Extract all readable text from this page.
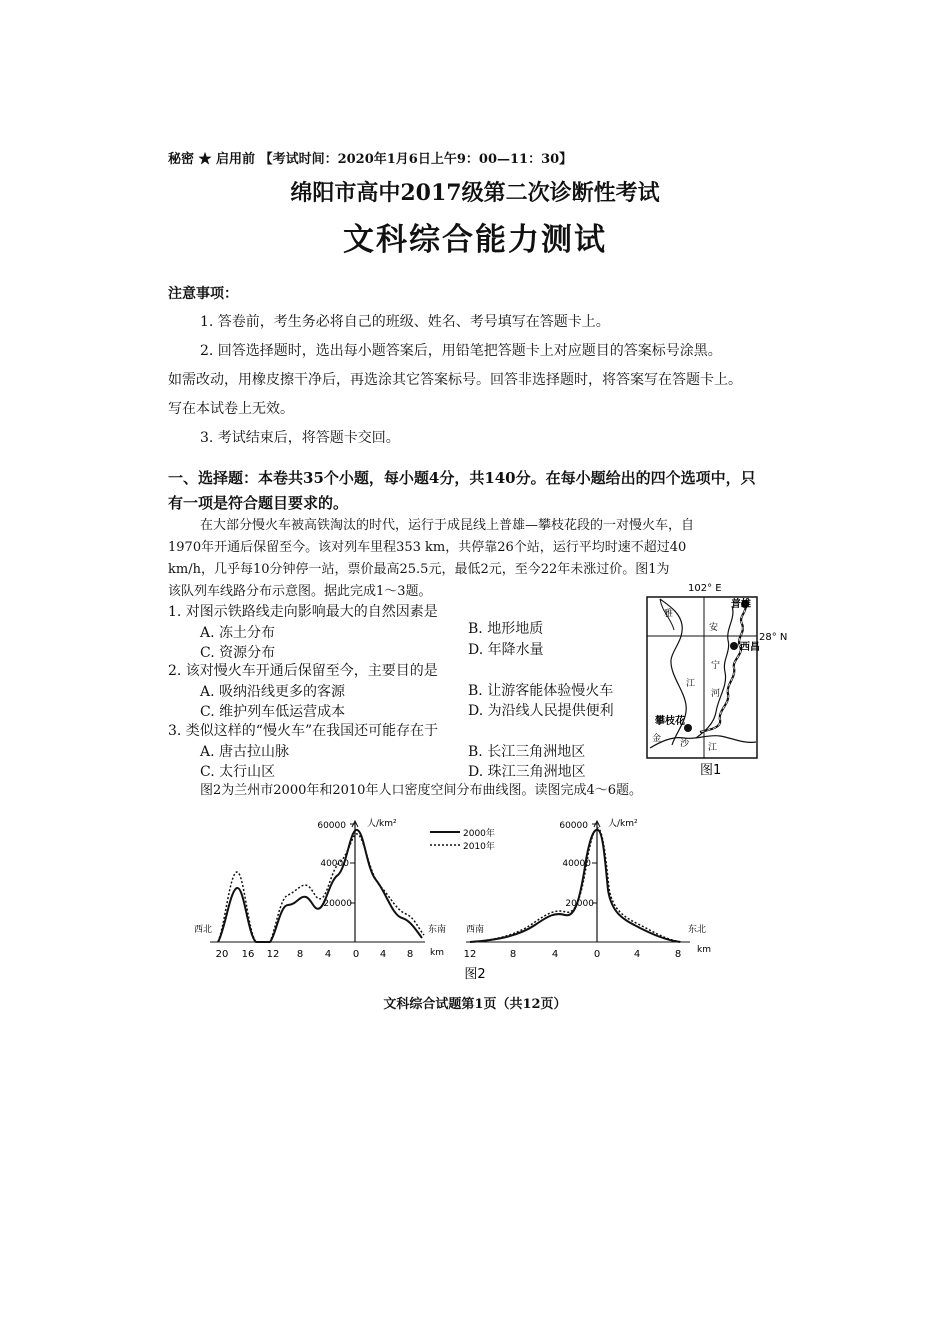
秘密 ★ 启用前 【考试时间：2020年1月6日上午9：00—11：30】
绵阳市高中2017级第二次诊断性考试
文科综合能力测试
注意事项：
1. 答卷前，考生务必将自己的班级、姓名、考号填写在答题卡上。
2. 回答选择题时，选出每小题答案后，用铅笔把答题卡上对应题目的答案标号涂黑。
如需改动，用橡皮擦干净后，再选涂其它答案标号。回答非选择题时，将答案写在答题卡上。
写在本试卷上无效。
3. 考试结束后，将答题卡交回。
一、选择题：本卷共35个小题，每小题4分，共140分。在每小题给出的四个选项中，只
有一项是符合题目要求的。
在大部分慢火车被高铁淘汰的时代，运行于成昆线上普雄—攀枝花段的一对慢火车，自
1970年开通后保留至今。该对列车里程353 km，共停靠26个站，运行平均时速不超过40
km/h，几乎每10分钟停一站，票价最高25.5元，最低2元，至今22年未涨过价。图1为
该队列车线路分布示意图。据此完成1～3题。
1. 对图示铁路线走向影响最大的自然因素是
A. 冻土分布	B. 地形地质
C. 资源分布	D. 年降水量
2. 该对慢火车开通后保留至今，主要目的是
A. 吸纳沿线更多的客源	B. 让游客能体验慢火车
C. 维护列车低运营成本	D. 为沿线人民提供便利
3. 类似这样的“慢火车”在我国还可能存在于
A. 唐古拉山脉	B. 长江三角洲地区
C. 太行山区	D. 珠江三角洲地区
102° E
28° N
普雄
西昌
攀枝花
雅
江
安
宁
河
金 沙 江
图1
图2为兰州市2000年和2010年人口密度空间分布曲线图。读图完成4～6题。
60000
40000
20000
人/km²
2000年
2010年
西北	东南
20 16 12 8 4 0 4 8 km
60000
40000
20000
人/km²
西南	东北
12	8	4	0	4	8 km
图2
文科综合试题第1页（共12页）
